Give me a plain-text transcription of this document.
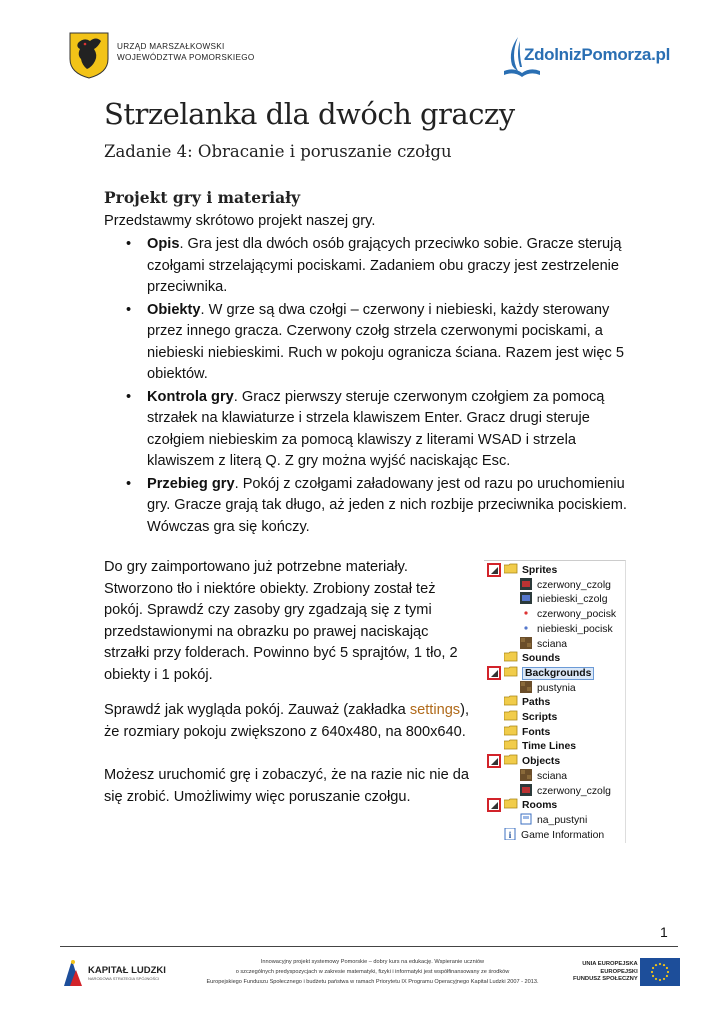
URZĄD MARSZAŁKOWSKI
WOJEWÓDZTWA POMORSKIEGO	ZdolnizPomorza.pl
Strzelanka dla dwóch graczy
Zadanie 4: Obracanie i poruszanie czołgu
Projekt gry i materiały
Przedstawmy skrótowo projekt naszej gry.
• Opis. Gra jest dla dwóch osób grających przeciwko sobie. Gracze sterują czołgami strzelającymi pociskami. Zadaniem obu graczy jest zestrzelenie przeciwnika.
• Obiekty. W grze są dwa czołgi – czerwony i niebieski, każdy sterowany przez innego gracza. Czerwony czołg strzela czerwonymi pociskami, a niebieski niebieskimi. Ruch w pokoju ogranicza ściana. Razem jest więc 5 obiektów.
• Kontrola gry. Gracz pierwszy steruje czerwonym czołgiem za pomocą strzałek na klawiaturze i strzela klawiszem Enter. Gracz drugi steruje czołgiem niebieskim za pomocą klawiszy z literami WSAD i strzela klawiszem z literą Q. Z gry można wyjść naciskając Esc.
• Przebieg gry. Pokój z czołgami załadowany jest od razu po uruchomieniu gry. Gracze grają tak długo, aż jeden z nich rozbije przeciwnika pociskiem. Wówczas gra się kończy.
Do gry zaimportowano już potrzebne materiały. Stworzono tło i niektóre obiekty. Zrobiony został też pokój. Sprawdź czy zasoby gry zgadzają się z tymi przedstawionymi na obrazku po prawej naciskając strzałki przy folderach. Powinno być 5 sprajtów, 1 tło, 2 obiekty i 1 pokój.
Sprawdź jak wygląda pokój. Zauważ (zakładka settings), że rozmiary pokoju zwiększono z 640x480, na 800x640.
Możesz uruchomić grę i zobaczyć, że na razie nic nie da się zrobić. Umożliwimy więc poruszanie czołgu.
Sprites
czerwony_czolg
niebieski_czolg
czerwony_pocisk
niebieski_pocisk
sciana
Sounds
Backgrounds
pustynia
Paths
Scripts
Fonts
Time Lines
Objects
sciana
czerwony_czolg
Rooms
na_pustyni
i Game Information
1
KAPITAŁ LUDZKI
NARODOWA STRATEGIA SPÓJNOŚCI
Innowacyjny projekt systemowy Pomorskie – dobry kurs na edukację. Wspieranie uczniów
o szczególnych predyspozycjach w zakresie matematyki, fizyki i informatyki jest współfinansowany ze środków
Europejskiego Funduszu Społecznego i budżetu państwa w ramach Priorytetu IX Programu Operacyjnego Kapitał Ludzki 2007 - 2013.
UNIA EUROPEJSKA
EUROPEJSKI
FUNDUSZ SPOŁECZNY
